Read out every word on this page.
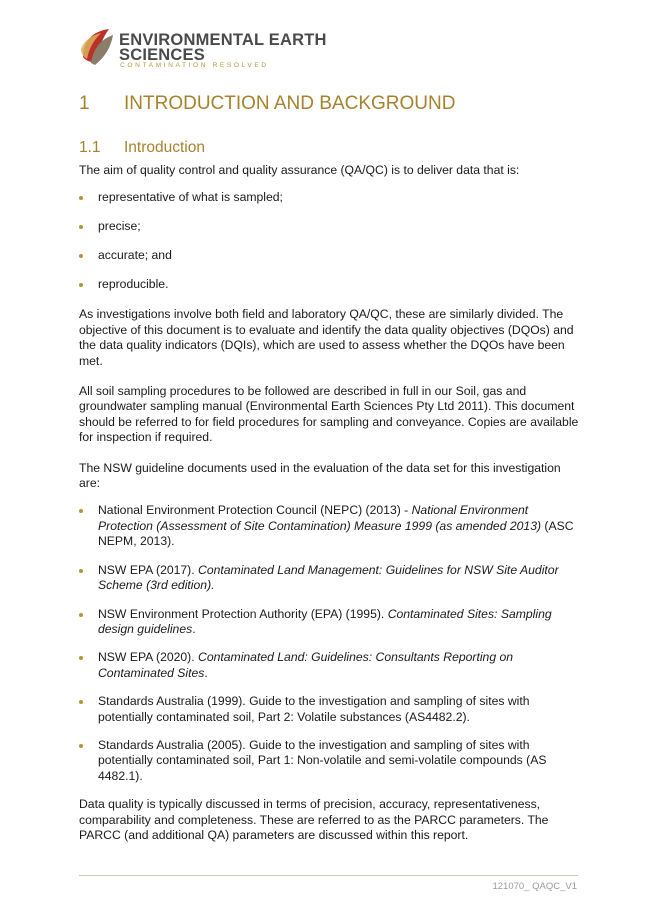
ENVIRONMENTAL EARTH
SCIENCES
CONTAMINATION RESOLVED
1 INTRODUCTION AND BACKGROUND
1.1 Introduction

The aim of quality control and quality assurance (QA/QC) is to deliver data that is:

representative of what is sampled;
precise;
accurate; and
reproducible.

As investigations involve both field and laboratory QA/QC, these are similarly divided. The objective of this document is to evaluate and identify the data quality objectives (DQOs) and the data quality indicators (DQIs), which are used to assess whether the DQOs have been met.

All soil sampling procedures to be followed are described in full in our Soil, gas and groundwater sampling manual (Environmental Earth Sciences Pty Ltd 2011). This document should be referred to for field procedures for sampling and conveyance. Copies are available for inspection if required.

The NSW guideline documents used in the evaluation of the data set for this investigation are:

National Environment Protection Council (NEPC) (2013) - National Environment Protection (Assessment of Site Contamination) Measure 1999 (as amended 2013) (ASC NEPM, 2013).
NSW EPA (2017). Contaminated Land Management: Guidelines for NSW Site Auditor Scheme (3rd edition).
NSW Environment Protection Authority (EPA) (1995). Contaminated Sites: Sampling design guidelines.
NSW EPA (2020). Contaminated Land: Guidelines: Consultants Reporting on Contaminated Sites.
Standards Australia (1999). Guide to the investigation and sampling of sites with potentially contaminated soil, Part 2: Volatile substances (AS4482.2).
Standards Australia (2005). Guide to the investigation and sampling of sites with potentially contaminated soil, Part 1: Non-volatile and semi-volatile compounds (AS 4482.1).

Data quality is typically discussed in terms of precision, accuracy, representativeness, comparability and completeness. These are referred to as the PARCC parameters. The PARCC (and additional QA) parameters are discussed within this report.

121070_ QAQC_V1
